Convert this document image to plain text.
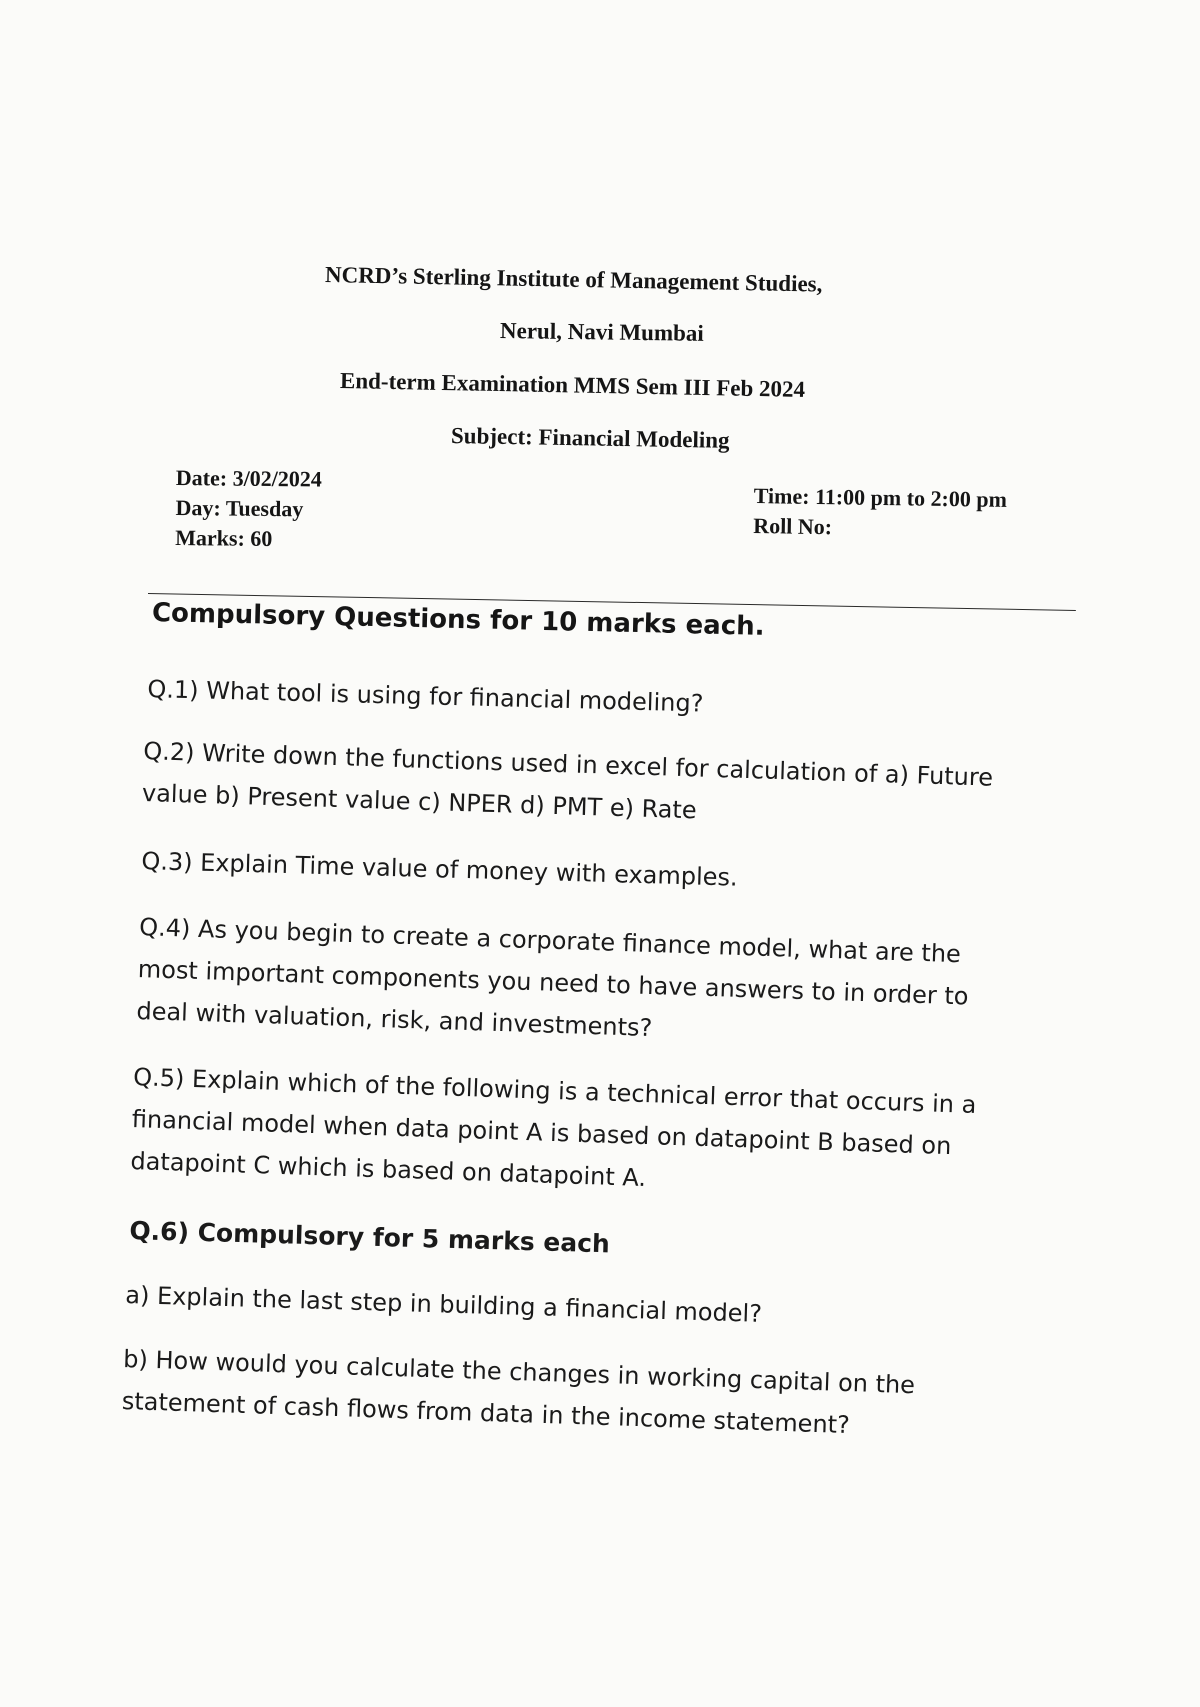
NCRD’s Sterling Institute of Management Studies,
Nerul, Navi Mumbai
End-term Examination MMS Sem III Feb 2024
Subject: Financial Modeling
Date: 3/02/2024
Day: Tuesday
Marks: 60
Time: 11:00 pm to 2:00 pm
Roll No:
Compulsory Questions for 10 marks each.
Q.1) What tool is using for financial modeling?
Q.2) Write down the functions used in excel for calculation of a) Future
value b) Present value c) NPER d) PMT e) Rate
Q.3) Explain Time value of money with examples.
Q.4) As you begin to create a corporate finance model, what are the
most important components you need to have answers to in order to
deal with valuation, risk, and investments?
Q.5) Explain which of the following is a technical error that occurs in a
financial model when data point A is based on datapoint B based on
datapoint C which is based on datapoint A.
Q.6) Compulsory for 5 marks each
a) Explain the last step in building a financial model?
b) How would you calculate the changes in working capital on the
statement of cash flows from data in the income statement?
